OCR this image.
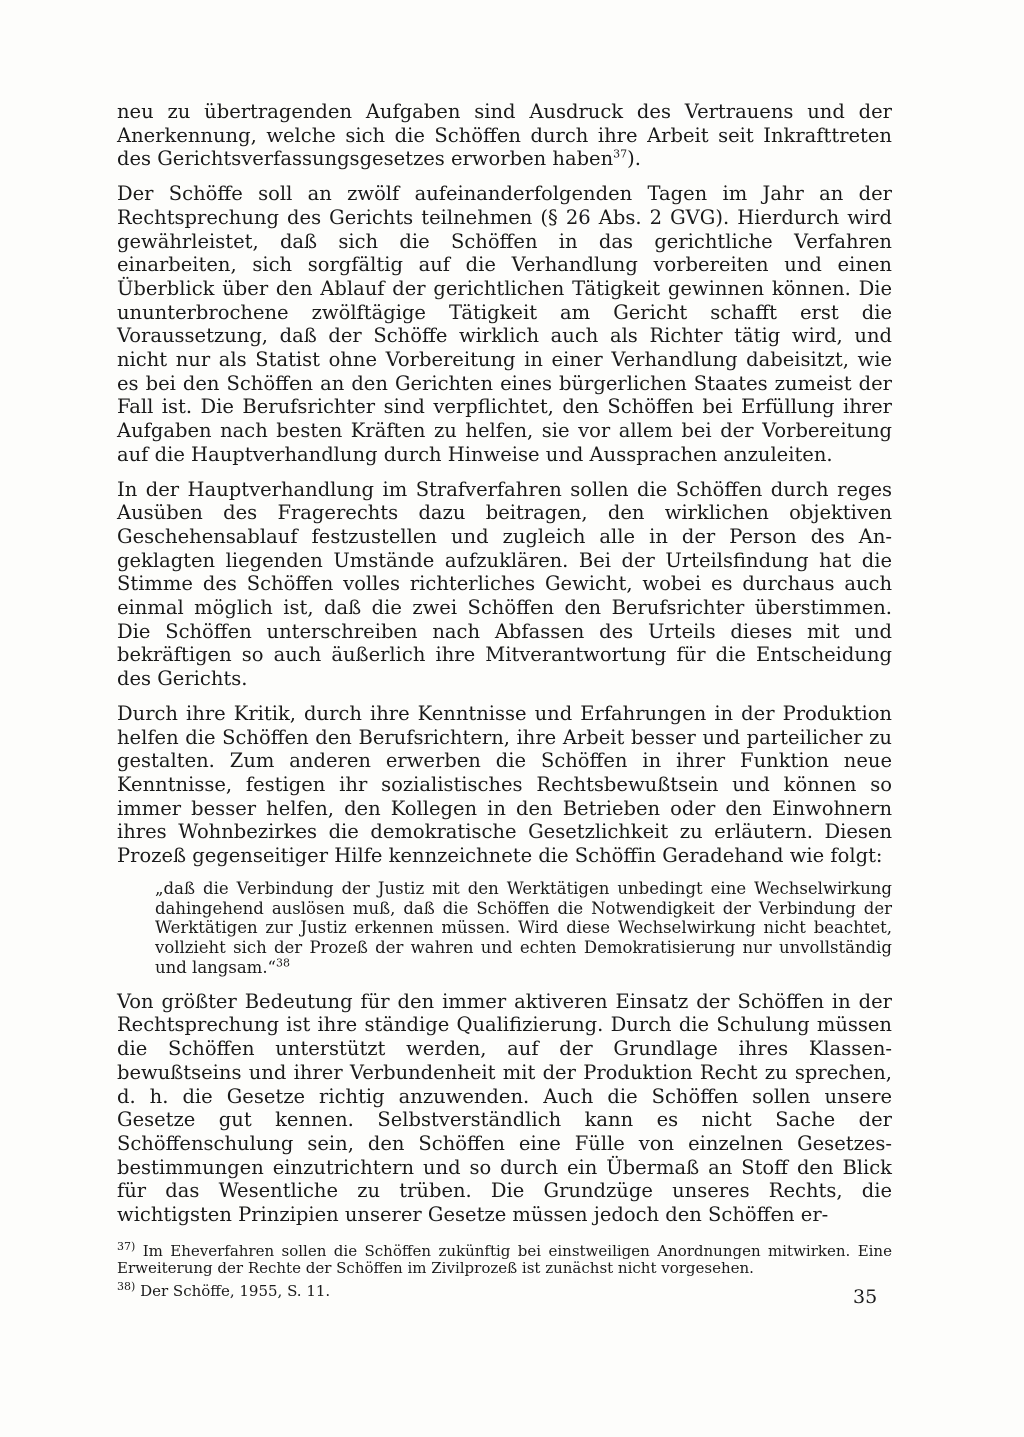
neu zu übertragenden Aufgaben sind Ausdruck des Vertrauens und der Anerkennung, welche sich die Schöffen durch ihre Arbeit seit Inkrafttreten des Gerichtsverfassungsgesetzes erworben haben$^{37}$).

Der Schöffe soll an zwölf aufeinanderfolgenden Tagen im Jahr an der Rechtsprechung des Gerichts teilnehmen (§ 26 Abs. 2 GVG). Hierdurch wird gewährleistet, daß sich die Schöffen in das gerichtliche Verfahren einarbeiten, sich sorgfältig auf die Verhandlung vorbereiten und einen Überblick über den Ablauf der gerichtlichen Tätigkeit gewinnen können. Die ununterbrochene zwölftägige Tätigkeit am Gericht schafft erst die Voraussetzung, daß der Schöffe wirklich auch als Richter tätig wird, und nicht nur als Statist ohne Vorbereitung in einer Verhandlung dabeisitzt, wie es bei den Schöffen an den Gerichten eines bürgerlichen Staates zumeist der Fall ist. Die Berufsrichter sind verpflichtet, den Schöffen bei Erfüllung ihrer Aufgaben nach besten Kräften zu helfen, sie vor allem bei der Vorbereitung auf die Hauptverhandlung durch Hinweise und Aussprachen anzuleiten.

In der Hauptverhandlung im Strafverfahren sollen die Schöffen durch reges Ausüben des Fragerechts dazu beitragen, den wirklichen objektiven Geschehensablauf festzustellen und zugleich alle in der Person des Angeklagten liegenden Umstände aufzuklären. Bei der Urteilsfindung hat die Stimme des Schöffen volles richterliches Gewicht, wobei es durchaus auch einmal möglich ist, daß die zwei Schöffen den Berufsrichter überstimmen. Die Schöffen unterschreiben nach Abfassen des Urteils dieses mit und bekräftigen so auch äußerlich ihre Mitverantwortung für die Entscheidung des Gerichts.

Durch ihre Kritik, durch ihre Kenntnisse und Erfahrungen in der Produktion helfen die Schöffen den Berufsrichtern, ihre Arbeit besser und parteilicher zu gestalten. Zum anderen erwerben die Schöffen in ihrer Funktion neue Kenntnisse, festigen ihr sozialistisches Rechtsbewußtsein und können so immer besser helfen, den Kollegen in den Betrieben oder den Einwohnern ihres Wohnbezirkes die demokratische Gesetzlichkeit zu erläutern. Diesen Prozeß gegenseitiger Hilfe kennzeichnete die Schöffin Geradehand wie folgt:

„daß die Verbindung der Justiz mit den Werktätigen unbedingt eine Wechselwirkung dahingehend auslösen muß, daß die Schöffen die Notwendigkeit der Verbindung der Werktätigen zur Justiz erkennen müssen. Wird diese Wechselwirkung nicht beachtet, vollzieht sich der Prozeß der wahren und echten Demokratisierung nur unvollständig und langsam.“$^{38}$

Von größter Bedeutung für den immer aktiveren Einsatz der Schöffen in der Rechtsprechung ist ihre ständige Qualifizierung. Durch die Schulung müssen die Schöffen unterstützt werden, auf der Grundlage ihres Klassenbewußtseins und ihrer Verbundenheit mit der Produktion Recht zu sprechen, d. h. die Gesetze richtig anzuwenden. Auch die Schöffen sollen unsere Gesetze gut kennen. Selbstverständlich kann es nicht Sache der Schöffenschulung sein, den Schöffen eine Fülle von einzelnen Gesetzesbestimmungen einzutrichtern und so durch ein Übermaß an Stoff den Blick für das Wesentliche zu trüben. Die Grundzüge unseres Rechts, die wichtigsten Prinzipien unserer Gesetze müssen jedoch den Schöffen er-

$^{37)}$ Im Eheverfahren sollen die Schöffen zukünftig bei einstweiligen Anordnungen mitwirken. Eine Erweiterung der Rechte der Schöffen im Zivilprozeß ist zunächst nicht vorgesehen.

$^{38)}$ Der Schöffe, 1955, S. 11.	35
